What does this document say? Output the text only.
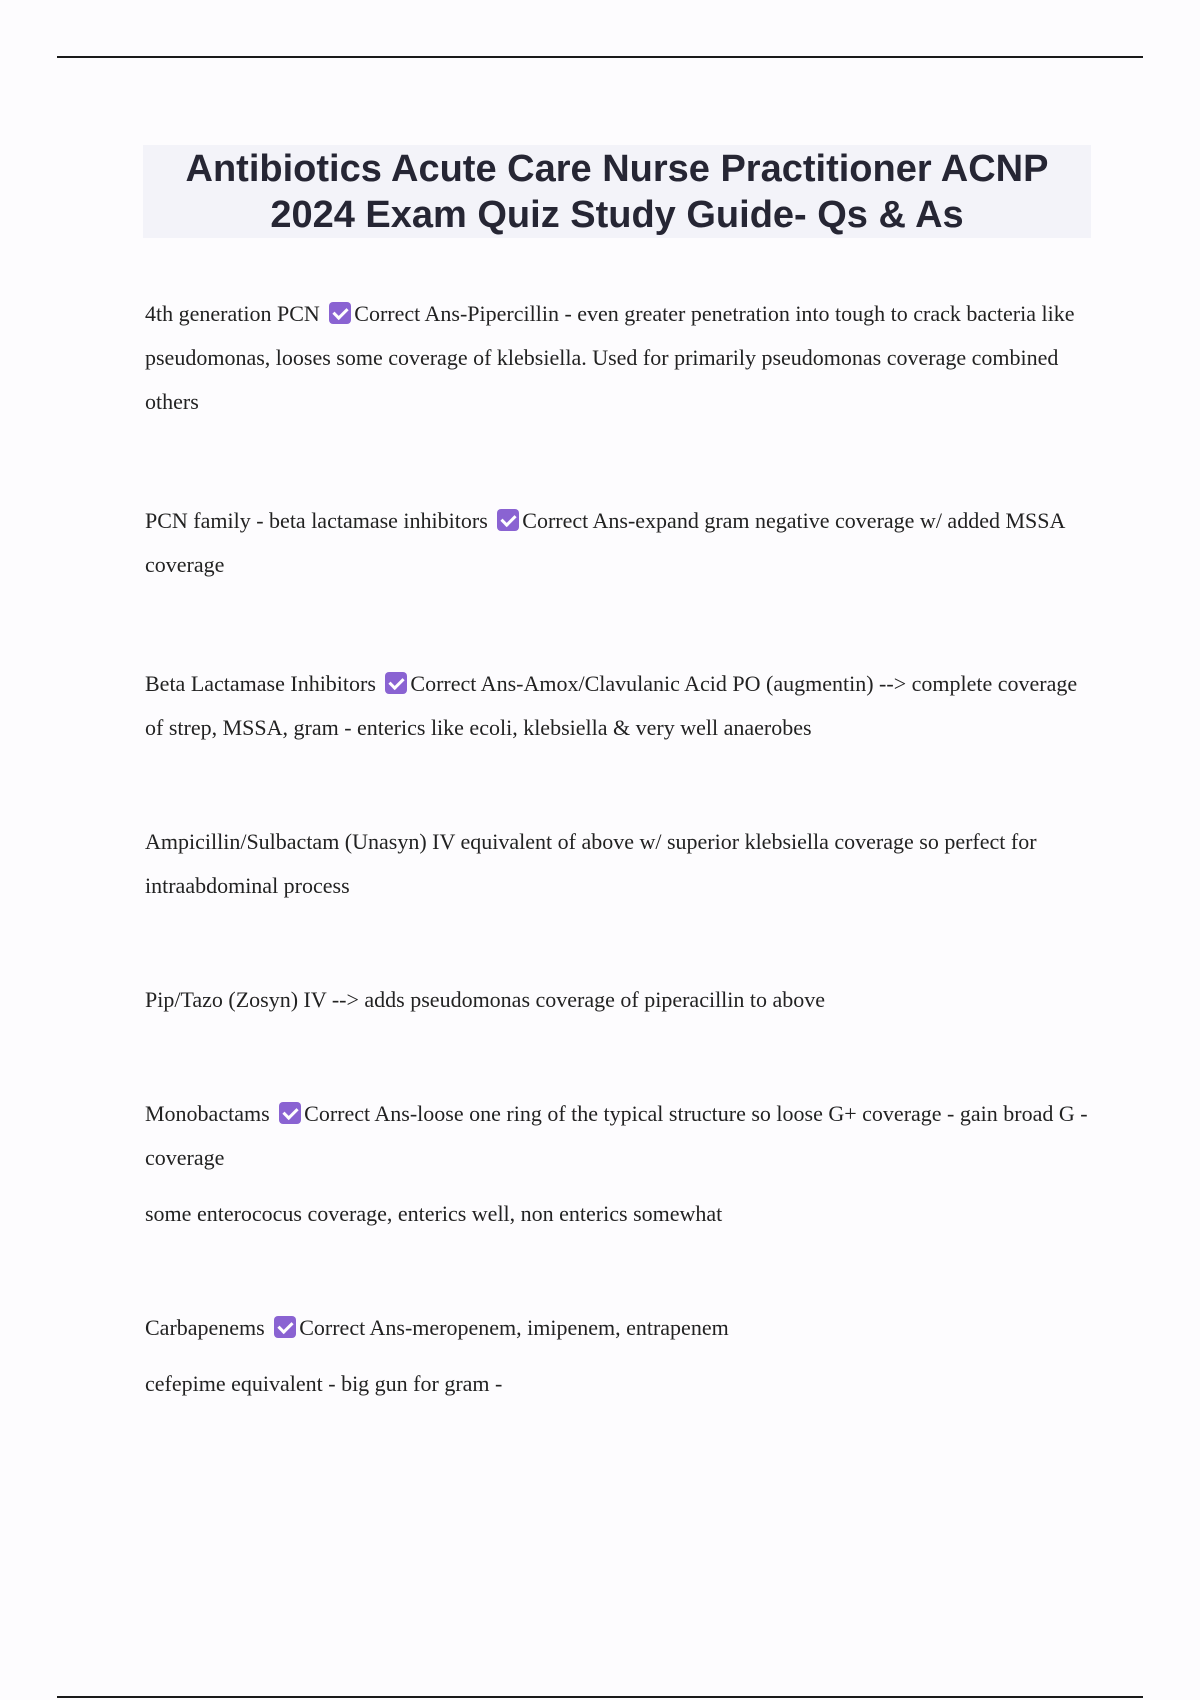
Antibiotics Acute Care Nurse Practitioner ACNP
2024 Exam Quiz Study Guide- Qs & As

4th generation PCN Correct Ans-Pipercillin - even greater penetration into tough to crack bacteria like pseudomonas, looses some coverage of klebsiella. Used for primarily pseudomonas coverage combined others

PCN family - beta lactamase inhibitors Correct Ans-expand gram negative coverage w/ added MSSA coverage

Beta Lactamase Inhibitors Correct Ans-Amox/Clavulanic Acid PO (augmentin) --> complete coverage of strep, MSSA, gram - enterics like ecoli, klebsiella & very well anaerobes

Ampicillin/Sulbactam (Unasyn) IV equivalent of above w/ superior klebsiella coverage so perfect for intraabdominal process

Pip/Tazo (Zosyn) IV --> adds pseudomonas coverage of piperacillin to above

Monobactams Correct Ans-loose one ring of the typical structure so loose G+ coverage - gain broad G - coverage

some enterococus coverage, enterics well, non enterics somewhat

Carbapenems Correct Ans-meropenem, imipenem, entrapenem

cefepime equivalent - big gun for gram -
